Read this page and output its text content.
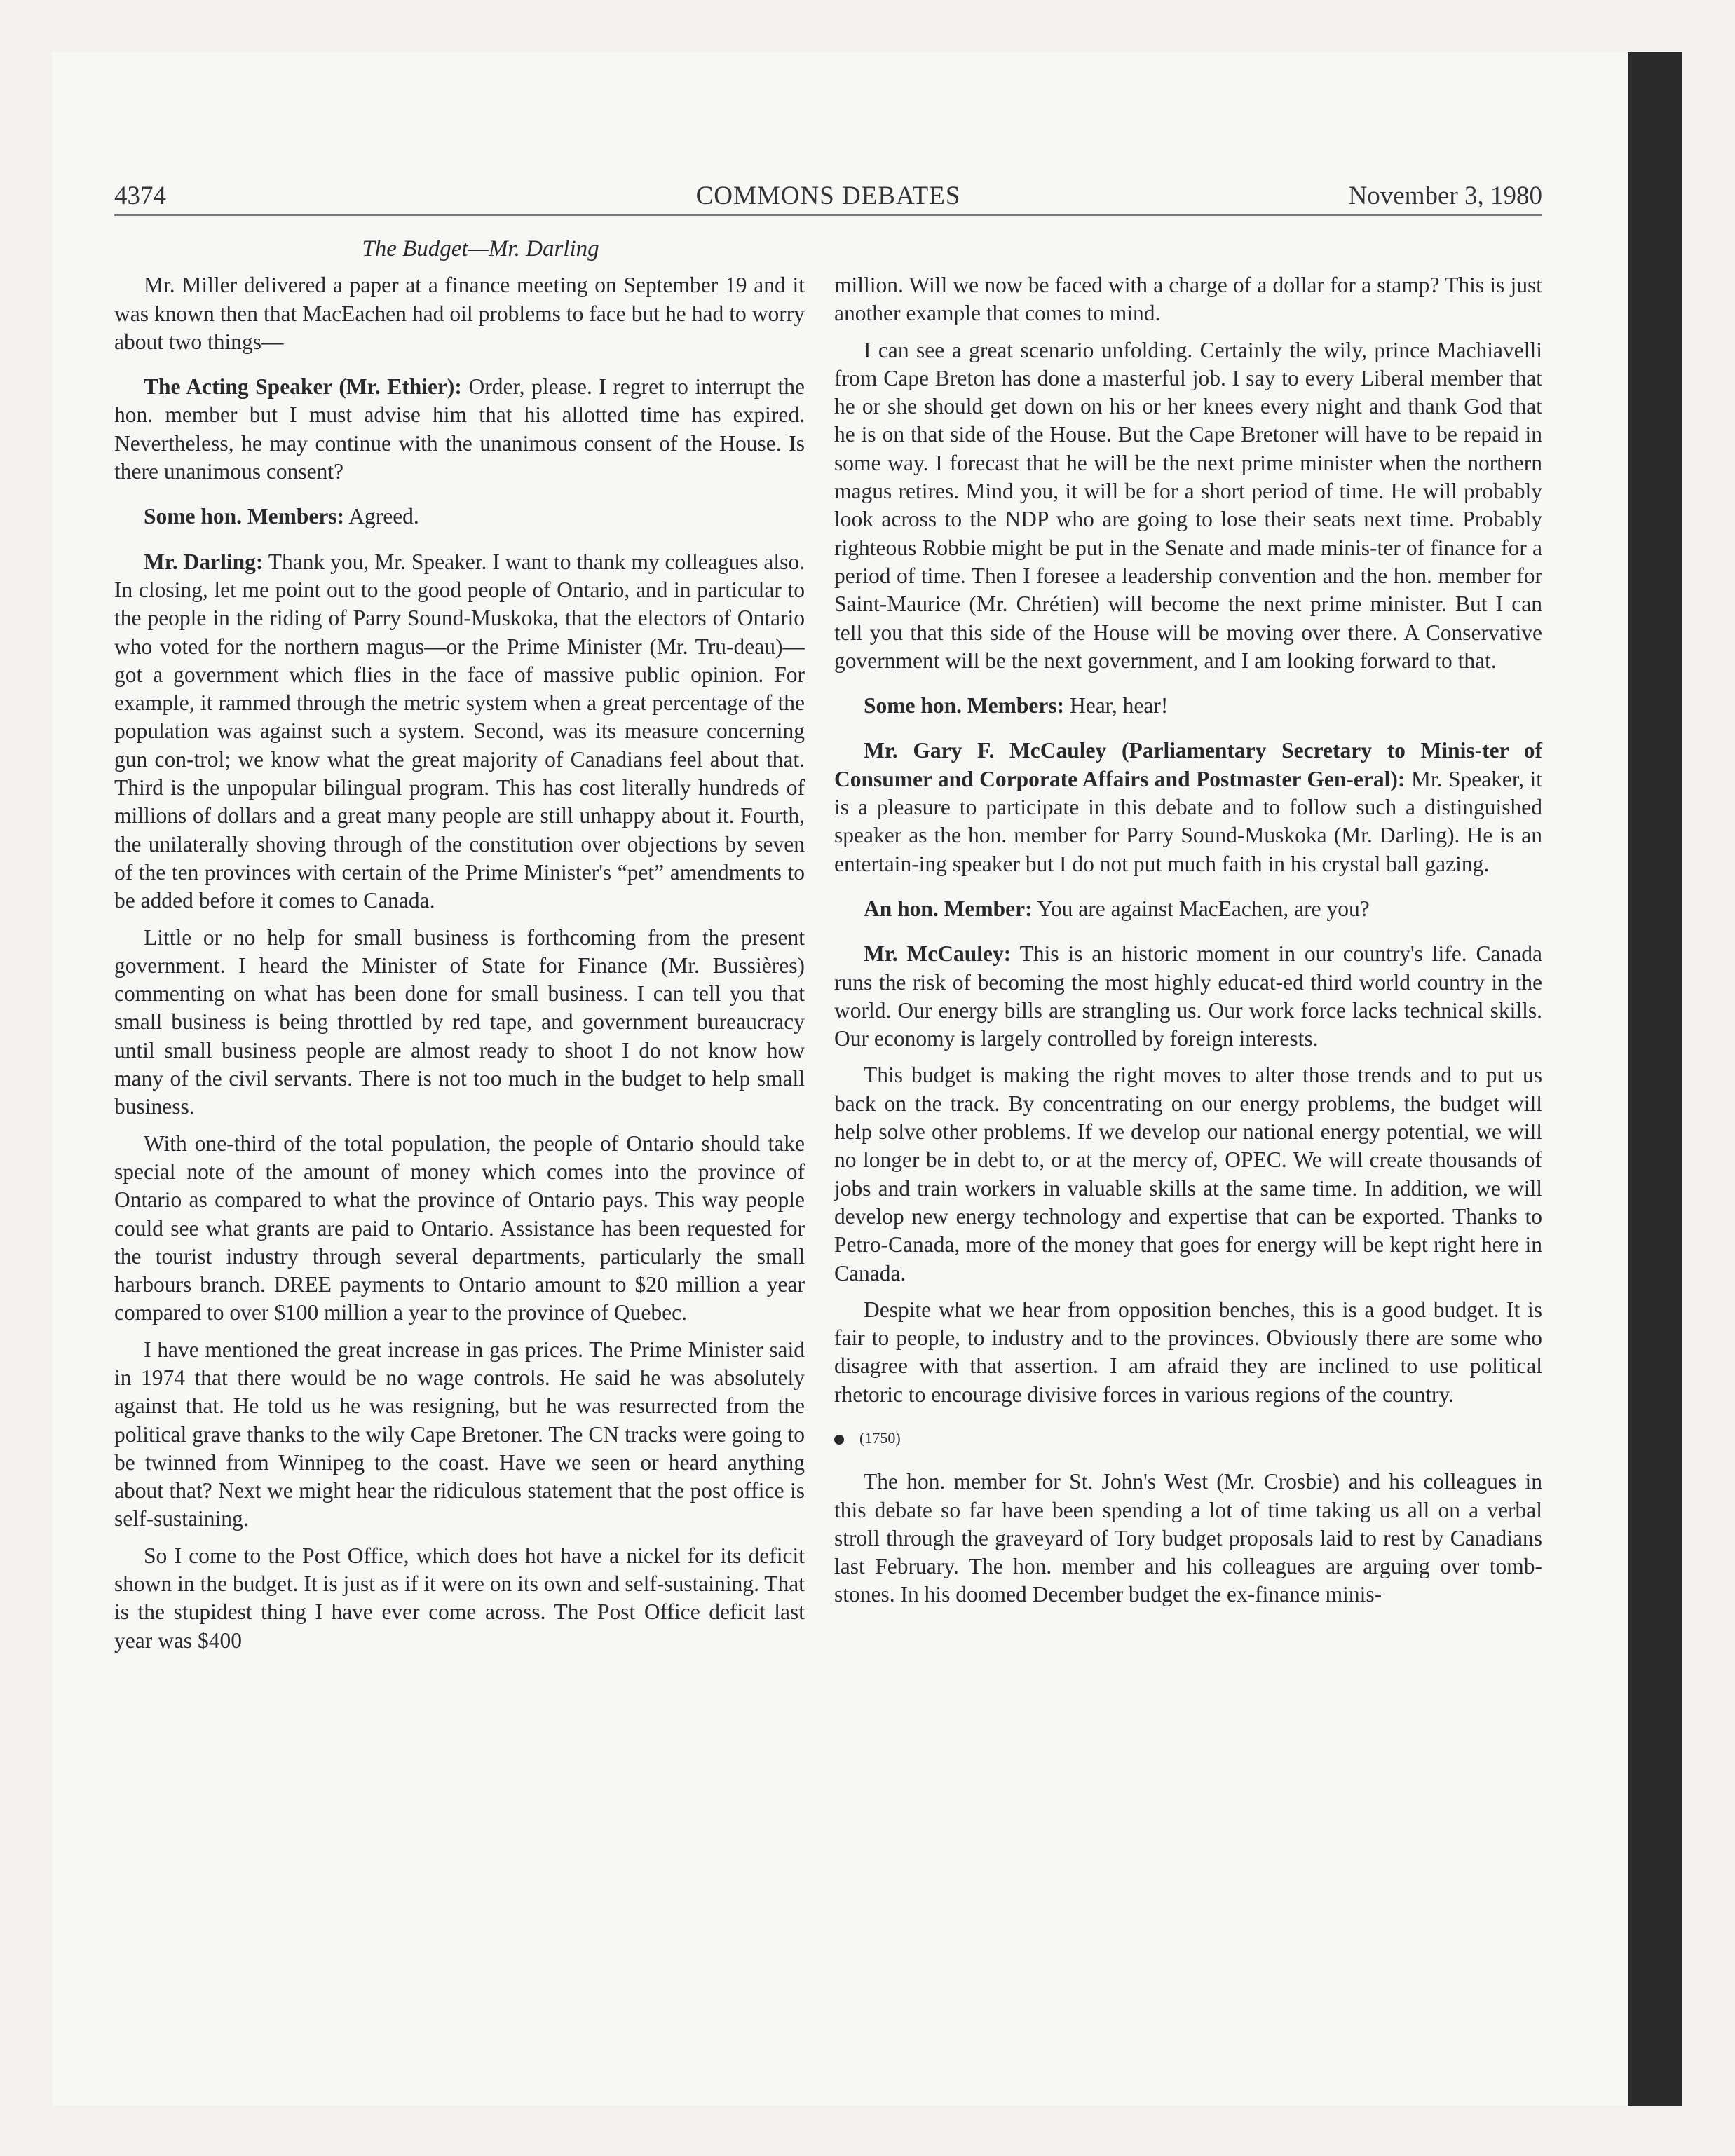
4374	COMMONS DEBATES	November 3, 1980
The Budget—Mr. Darling

Mr. Miller delivered a paper at a finance meeting on September 19 and it was known then that MacEachen had oil problems to face but he had to worry about two things—

The Acting Speaker (Mr. Ethier): Order, please. I regret to interrupt the hon. member but I must advise him that his allotted time has expired. Nevertheless, he may continue with the unanimous consent of the House. Is there unanimous consent?

Some hon. Members: Agreed.

Mr. Darling: Thank you, Mr. Speaker. I want to thank my colleagues also. In closing, let me point out to the good people of Ontario, and in particular to the people in the riding of Parry Sound-Muskoka, that the electors of Ontario who voted for the northern magus—or the Prime Minister (Mr. Tru-deau)—got a government which flies in the face of massive public opinion. For example, it rammed through the metric system when a great percentage of the population was against such a system. Second, was its measure concerning gun con-trol; we know what the great majority of Canadians feel about that. Third is the unpopular bilingual program. This has cost literally hundreds of millions of dollars and a great many people are still unhappy about it. Fourth, the unilaterally shoving through of the constitution over objections by seven of the ten provinces with certain of the Prime Minister's “pet” amendments to be added before it comes to Canada.

Little or no help for small business is forthcoming from the present government. I heard the Minister of State for Finance (Mr. Bussières) commenting on what has been done for small business. I can tell you that small business is being throttled by red tape, and government bureaucracy until small business people are almost ready to shoot I do not know how many of the civil servants. There is not too much in the budget to help small business.

With one-third of the total population, the people of Ontario should take special note of the amount of money which comes into the province of Ontario as compared to what the province of Ontario pays. This way people could see what grants are paid to Ontario. Assistance has been requested for the tourist industry through several departments, particularly the small harbours branch. DREE payments to Ontario amount to $20 million a year compared to over $100 million a year to the province of Quebec.

I have mentioned the great increase in gas prices. The Prime Minister said in 1974 that there would be no wage controls. He said he was absolutely against that. He told us he was resigning, but he was resurrected from the political grave thanks to the wily Cape Bretoner. The CN tracks were going to be twinned from Winnipeg to the coast. Have we seen or heard anything about that? Next we might hear the ridiculous statement that the post office is self-sustaining.

So I come to the Post Office, which does hot have a nickel for its deficit shown in the budget. It is just as if it were on its own and self-sustaining. That is the stupidest thing I have ever come across. The Post Office deficit last year was $400

million. Will we now be faced with a charge of a dollar for a stamp? This is just another example that comes to mind.

I can see a great scenario unfolding. Certainly the wily, prince Machiavelli from Cape Breton has done a masterful job. I say to every Liberal member that he or she should get down on his or her knees every night and thank God that he is on that side of the House. But the Cape Bretoner will have to be repaid in some way. I forecast that he will be the next prime minister when the northern magus retires. Mind you, it will be for a short period of time. He will probably look across to the NDP who are going to lose their seats next time. Probably righteous Robbie might be put in the Senate and made minis-ter of finance for a period of time. Then I foresee a leadership convention and the hon. member for Saint-Maurice (Mr. Chrétien) will become the next prime minister. But I can tell you that this side of the House will be moving over there. A Conservative government will be the next government, and I am looking forward to that.

Some hon. Members: Hear, hear!

Mr. Gary F. McCauley (Parliamentary Secretary to Minis-ter of Consumer and Corporate Affairs and Postmaster Gen-eral): Mr. Speaker, it is a pleasure to participate in this debate and to follow such a distinguished speaker as the hon. member for Parry Sound-Muskoka (Mr. Darling). He is an entertain-ing speaker but I do not put much faith in his crystal ball gazing.

An hon. Member: You are against MacEachen, are you?

Mr. McCauley: This is an historic moment in our country's life. Canada runs the risk of becoming the most highly educat-ed third world country in the world. Our energy bills are strangling us. Our work force lacks technical skills. Our economy is largely controlled by foreign interests.

This budget is making the right moves to alter those trends and to put us back on the track. By concentrating on our energy problems, the budget will help solve other problems. If we develop our national energy potential, we will no longer be in debt to, or at the mercy of, OPEC. We will create thousands of jobs and train workers in valuable skills at the same time. In addition, we will develop new energy technology and expertise that can be exported. Thanks to Petro-Canada, more of the money that goes for energy will be kept right here in Canada.

Despite what we hear from opposition benches, this is a good budget. It is fair to people, to industry and to the provinces. Obviously there are some who disagree with that assertion. I am afraid they are inclined to use political rhetoric to encourage divisive forces in various regions of the country.

(1750)

The hon. member for St. John's West (Mr. Crosbie) and his colleagues in this debate so far have been spending a lot of time taking us all on a verbal stroll through the graveyard of Tory budget proposals laid to rest by Canadians last February. The hon. member and his colleagues are arguing over tomb-stones. In his doomed December budget the ex-finance minis-
